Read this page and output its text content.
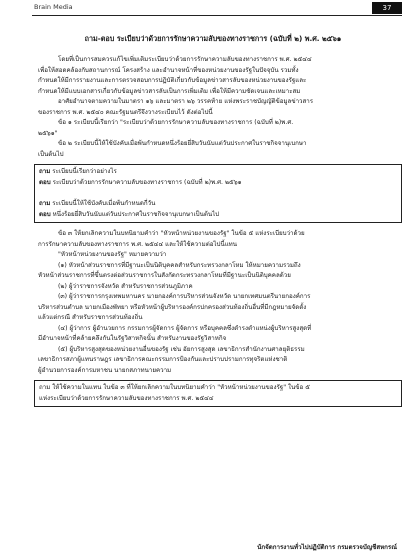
Brain Media	37
ถาม-ตอบ ระเบียบว่าด้วยการรักษาความลับของทางราชการ (ฉบับที่ ๒) พ.ศ. ๒๕๖๑

โดยที่เป็นการสมควรแก้ไขเพิ่มเติมระเบียบว่าด้วยการรักษาความลับของทางราชการ พ.ศ. ๒๕๔๔

เพื่อให้สอดคล้องกับสถานการณ์ โครงสร้าง และอำนาจหน้าที่ของหน่วยงานของรัฐในปัจจุบัน รวมทั้ง

กำหนดให้มีการรายงานและการตรวจสอบการปฏิบัติเกี่ยวกับข้อมูลข่าวสารลับของหน่วยงานของรัฐและ

กำหนดให้มีแบบเอกสารเกี่ยวกับข้อมูลข่าวสารลับเป็นการเพิ่มเติม เพื่อให้มีความชัดเจนและเหมาะสม

อาศัยอำนาจตามความในมาตรา ๑๖ และมาตรา ๒๖ วรรคท้าย แห่งพระราชบัญญัติข้อมูลข่าวสาร

ของราชการ พ.ศ. ๒๕๔๐ คณะรัฐมนตรีจึงวางระเบียบไว้ ดังต่อไปนี้

ข้อ ๑ ระเบียบนี้เรียกว่า "ระเบียบว่าด้วยการรักษาความลับของทางราชการ (ฉบับที่ ๒)พ.ศ.

๒๕๖๑"

ข้อ ๒ ระเบียบนี้ให้ใช้บังคับเมื่อพ้นกำหนดหนึ่งร้อยยี่สิบวันนับแต่วันประกาศในราชกิจจานุเบกษา

เป็นต้นไป

ถาม ระเบียบนี้เรียกว่าอย่างไร

ตอบ ระเบียบว่าด้วยการรักษาความลับของทางราชการ (ฉบับที่ ๒)พ.ศ. ๒๕๖๑

ถาม ระเบียบนี้ให้ใช้บังคับเมื่อพ้นกำหนดกี่วัน

ตอบ หนึ่งร้อยยี่สิบวันนับแต่วันประกาศในราชกิจจานุเบกษาเป็นต้นไป

ข้อ ๓ ให้ยกเลิกความในบทนิยามคำว่า "หัวหน้าหน่วยงานของรัฐ" ในข้อ ๕ แห่งระเบียบว่าด้วย

การรักษาความลับของทางราชการ พ.ศ. ๒๕๔๔ และให้ใช้ความต่อไปนี้แทน

"หัวหน้าหน่วยงานของรัฐ" หมายความว่า

(๑) หัวหน้าส่วนราชการที่มีฐานะเป็นนิติบุคคลสำหรับกระทรวงกลาโหม ให้หมายความรวมถึง

หัวหน้าส่วนราชการที่ขึ้นตรงต่อส่วนราชการในสังกัดกระทรวงกลาโหมที่มีฐานะเป็นนิติบุคคลด้วย

(๒) ผู้ว่าราชการจังหวัด สำหรับราชการส่วนภูมิภาค

(๓) ผู้ว่าราชการกรุงเทพมหานคร นายกองค์การบริหารส่วนจังหวัด นายกเทศมนตรีนายกองค์การ

บริหารส่วนตำบล นายกเมืองพัทยา หรือหัวหน้าผู้บริหารองค์กรปกครองส่วนท้องถิ่นอื่นที่มีกฎหมายจัดตั้ง

แล้วแต่กรณี สำหรับราชการส่วนท้องถิ่น

(๔) ผู้ว่าการ ผู้อำนวยการ กรรมการผู้จัดการ ผู้จัดการ หรือบุคคลซึ่งดำรงตำแหน่งผู้บริหารสูงสุดที่

มีอำนาจหน้าที่คล้ายคลึงกันในรัฐวิสาหกิจนั้น สำหรับงานของรัฐวิสาหกิจ

(๕) ผู้บริหารสูงสุดของหน่วยงานอื่นของรัฐ เช่น อัยการสูงสุด เลขาธิการสำนักงานศาลยุติธรรม

เลขาธิการสภาผู้แทนราษฎร เลขาธิการคณะกรรมการป้องกันและปราบปรามการทุจริตแห่งชาติ

ผู้อำนวยการองค์การมหาชน นายกสภาทนายความ

ถาม ให้ใช้ความในแทน ในข้อ ๓ ที่ให้ยกเลิกความในบทนิยามคำว่า "หัวหน้าหน่วยงานของรัฐ" ในข้อ ๕

แห่งระเบียบว่าด้วยการรักษาความลับของทางราชการ พ.ศ. ๒๕๔๔

นักจัดการงานทั่วไปปฏิบัติการ กรมตรวจบัญชีสหกรณ์
